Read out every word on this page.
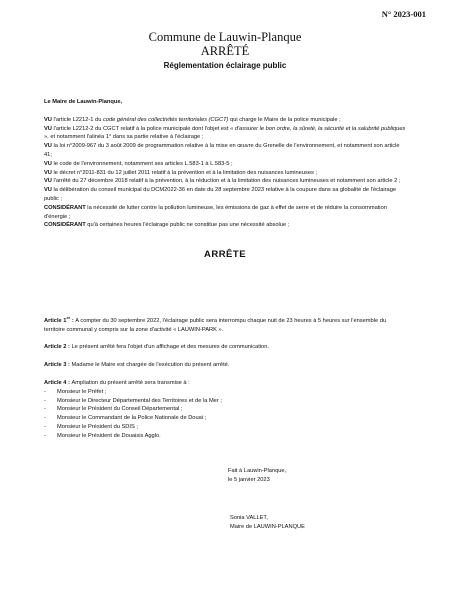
N° 2023-001
Commune de Lauwin-Planque
ARRÊTÉ
Réglementation éclairage public
Le Maire de Lauwin-Planque,

VU l'article L2212-1 du code général des collectivités territoriales (CGCT) qui charge le Maire de la police municipale ;

VU l'article L2212-2 du CGCT relatif à la police municipale dont l'objet est « d'assurer le bon ordre, la sûreté, la sécurité et la salubrité publiques », et notamment l'alinéa 1° dans sa partie relative à l'éclairage ;

VU la loi n°2009-967 du 3 août 2009 de programmation relative à la mise en œuvre du Grenelle de l'environnement, et notamment son article 41;

VU le code de l'environnement, notamment ses articles L.583-1 à L.583-5 ;

VU le décret n°2011-831 du 12 juillet 2011 relatif à la prévention et à la limitation des nuisances lumineuses ;

VU l'arrêté du 27 décembre 2018 relatif à la prévention, à la réduction et à la limitation des nuisances lumineuses et notamment son article 2 ;

VU la délibération du conseil municipal du DCM2022-36 en date du 28 septembre 2023 relative à la coupure dans sa globalité de l'éclairage public ;

CONSIDÉRANT la nécessité de lutter contre la pollution lumineuse, les émissions de gaz à effet de serre et de réduire la consommation d'énergie ;

CONSIDÉRANT qu'à certaines heures l'éclairage public ne constitue pas une nécessité absolue ;

ARRÊTE

Article 1er : A compter du 30 septembre 2022, l'éclairage public sera interrompu chaque nuit de 23 heures à 5 heures sur l'ensemble du territoire communal y compris sur la zone d'activité « LAUWIN-PARK ».

Article 2 : Le présent arrêté fera l'objet d'un affichage et des mesures de communication.

Article 3 : Madame le Maire est chargée de l'exécution du présent arrêté.

Article 4 : Ampliation du présent arrêté sera transmise à :

- Monsieur le Préfet ;
- Monsieur le Directeur Départemental des Territoires et de la Mer ;
- Monsieur le Président du Conseil Départemental ;
- Monsieur le Commandant de la Police Nationale de Douai ;
- Monsieur le Président du SDIS ;
- Monsieur le Président de Douaisis Agglo.
Fait à Lauwin-Planque,
le 5 janvier 2023
Sonia VALLET,
Maire de LAUWIN-PLANQUE
